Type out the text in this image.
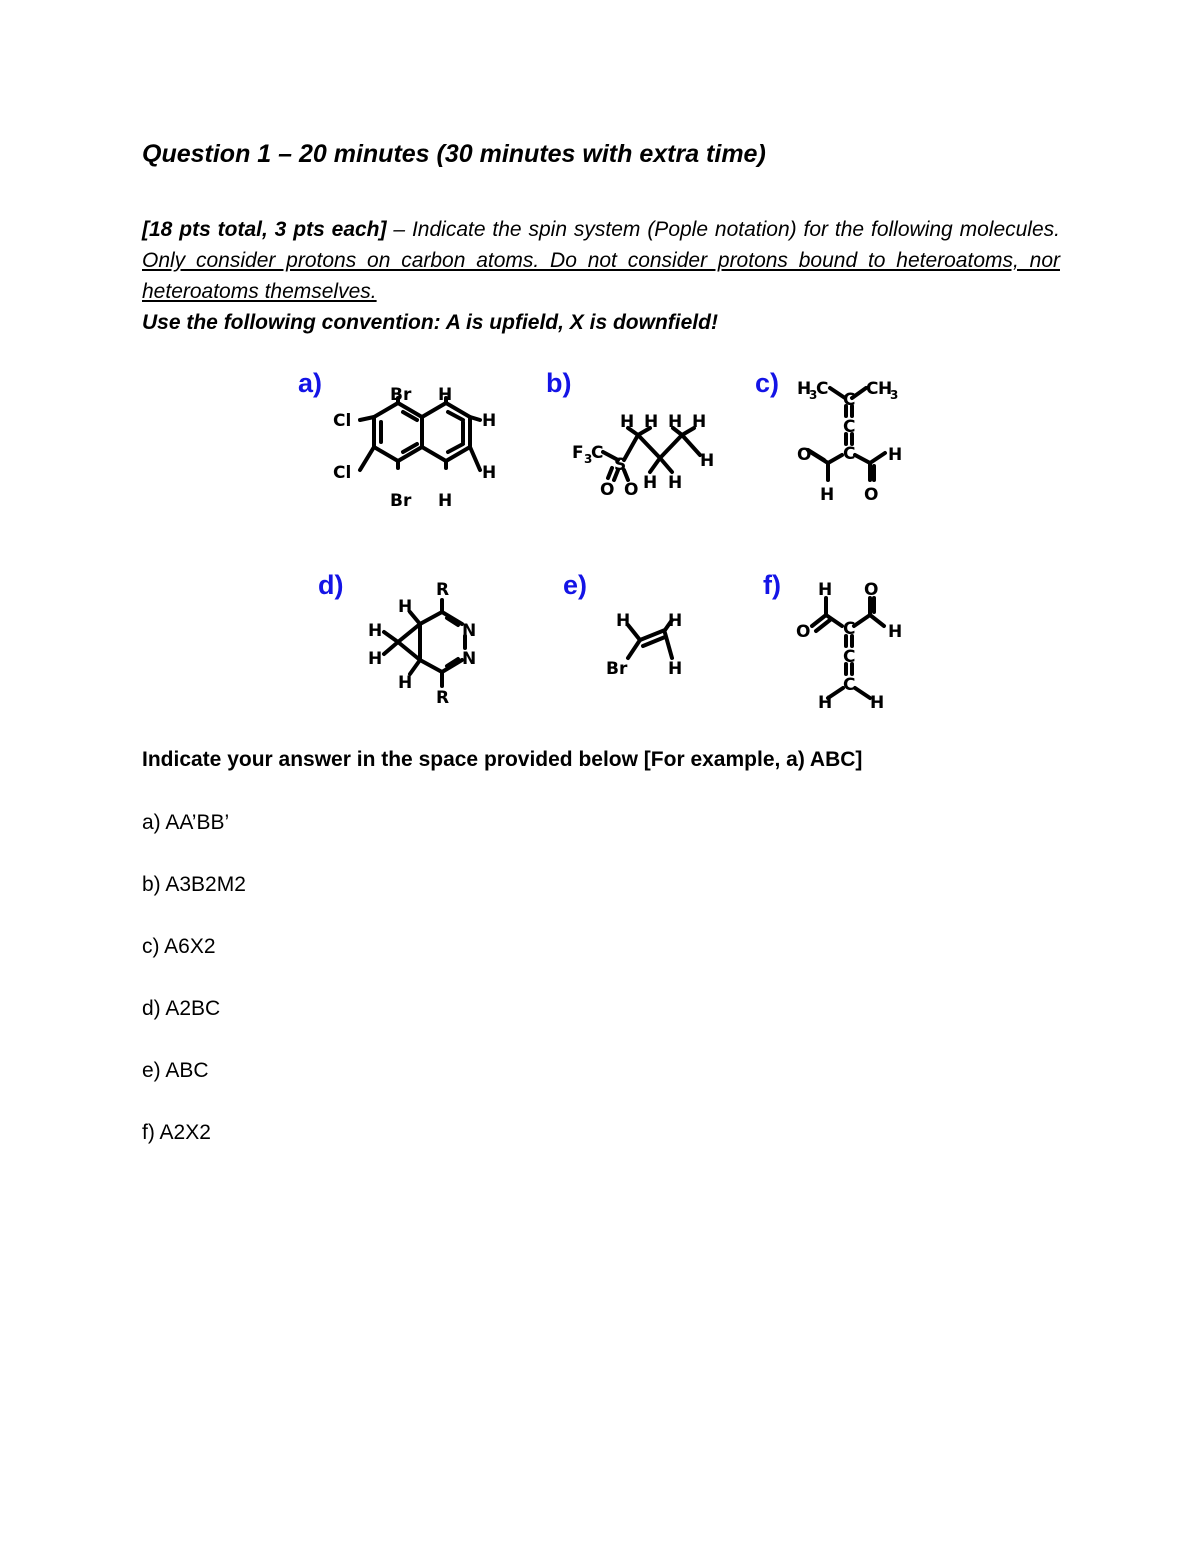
Question 1 – 20 minutes (30 minutes with extra time)
[18 pts total, 3 pts each] – Indicate the spin system (Pople notation) for the following molecules. Only consider protons on carbon atoms. Do not consider protons bound to heteroatoms, nor heteroatoms themselves.
Use the following convention: A is upfield, X is downfield!
a)	b)	c)
d)	e)	f)
Br H
Cl
Cl
H
H
Br H
H H H H
F 3
C
S	H
O O H H
H
3
C
C
C H
3
C
O C H
H O
R
H
H	N
H	N
H
R
H H
Br H
H O
O C H
C
C
H H
Indicate your answer in the space provided below [For example, a) ABC]
a) AA’BB’
b) A3B2M2
c) A6X2
d) A2BC
e) ABC
f) A2X2
